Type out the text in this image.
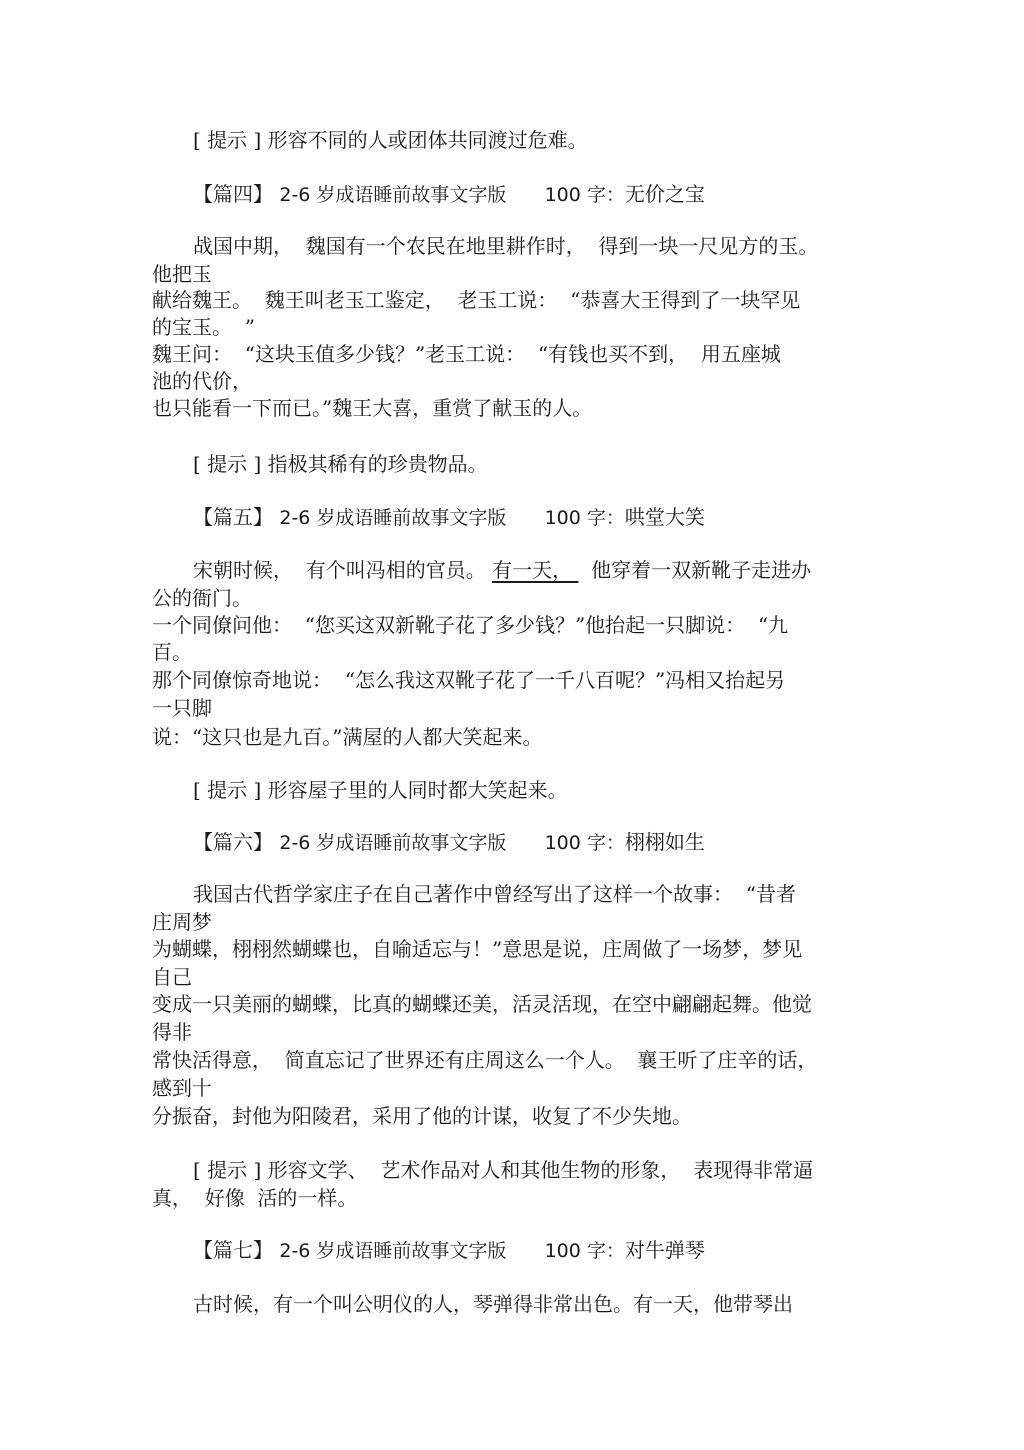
[ 提示 ] 形容不同的人或团体共同渡过危难。
【篇四】 2-6 岁成语睡前故事文字版 100 字：无价之宝
战国中期，  魏国有一个农民在地里耕作时，  得到一块一尺见方的玉。
他把玉
献给魏王。  魏王叫老玉工鉴定，  老玉工说：  “恭喜大王得到了一块罕见
的宝玉。  ”
魏王问：  “这块玉值多少钱？”老玉工说：  “有钱也买不到，  用五座城
池的代价，
也只能看一下而已。”魏王大喜，重赏了献玉的人。
[ 提示 ] 指极其稀有的珍贵物品。
【篇五】 2-6 岁成语睡前故事文字版 100 字：哄堂大笑
宋朝时候，  有个叫冯相的官员。 有一天，   他穿着一双新靴子走进办
公的衙门。
一个同僚问他：  “您买这双新靴子花了多少钱？”他抬起一只脚说：  “九
百。
那个同僚惊奇地说：  “怎么我这双靴子花了一千八百呢？”冯相又抬起另
一只脚
说：“这只也是九百。”满屋的人都大笑起来。
[ 提示 ] 形容屋子里的人同时都大笑起来。
【篇六】 2-6 岁成语睡前故事文字版 100 字：栩栩如生
我国古代哲学家庄子在自己著作中曾经写出了这样一个故事：  “昔者
庄周梦
为蝴蝶，栩栩然蝴蝶也，自喻适忘与！”意思是说，庄周做了一场梦，梦见
自己
变成一只美丽的蝴蝶，比真的蝴蝶还美，活灵活现，在空中翩翩起舞。他觉
得非
常快活得意，  简直忘记了世界还有庄周这么一个人。  襄王听了庄辛的话，
感到十
分振奋，封他为阳陵君，采用了他的计谋，收复了不少失地。
[ 提示 ] 形容文学、  艺术作品对人和其他生物的形象，  表现得非常逼
真，  好像  活的一样。
【篇七】 2-6 岁成语睡前故事文字版 100 字：对牛弹琴
古时候，有一个叫公明仪的人，琴弹得非常出色。有一天，他带琴出
